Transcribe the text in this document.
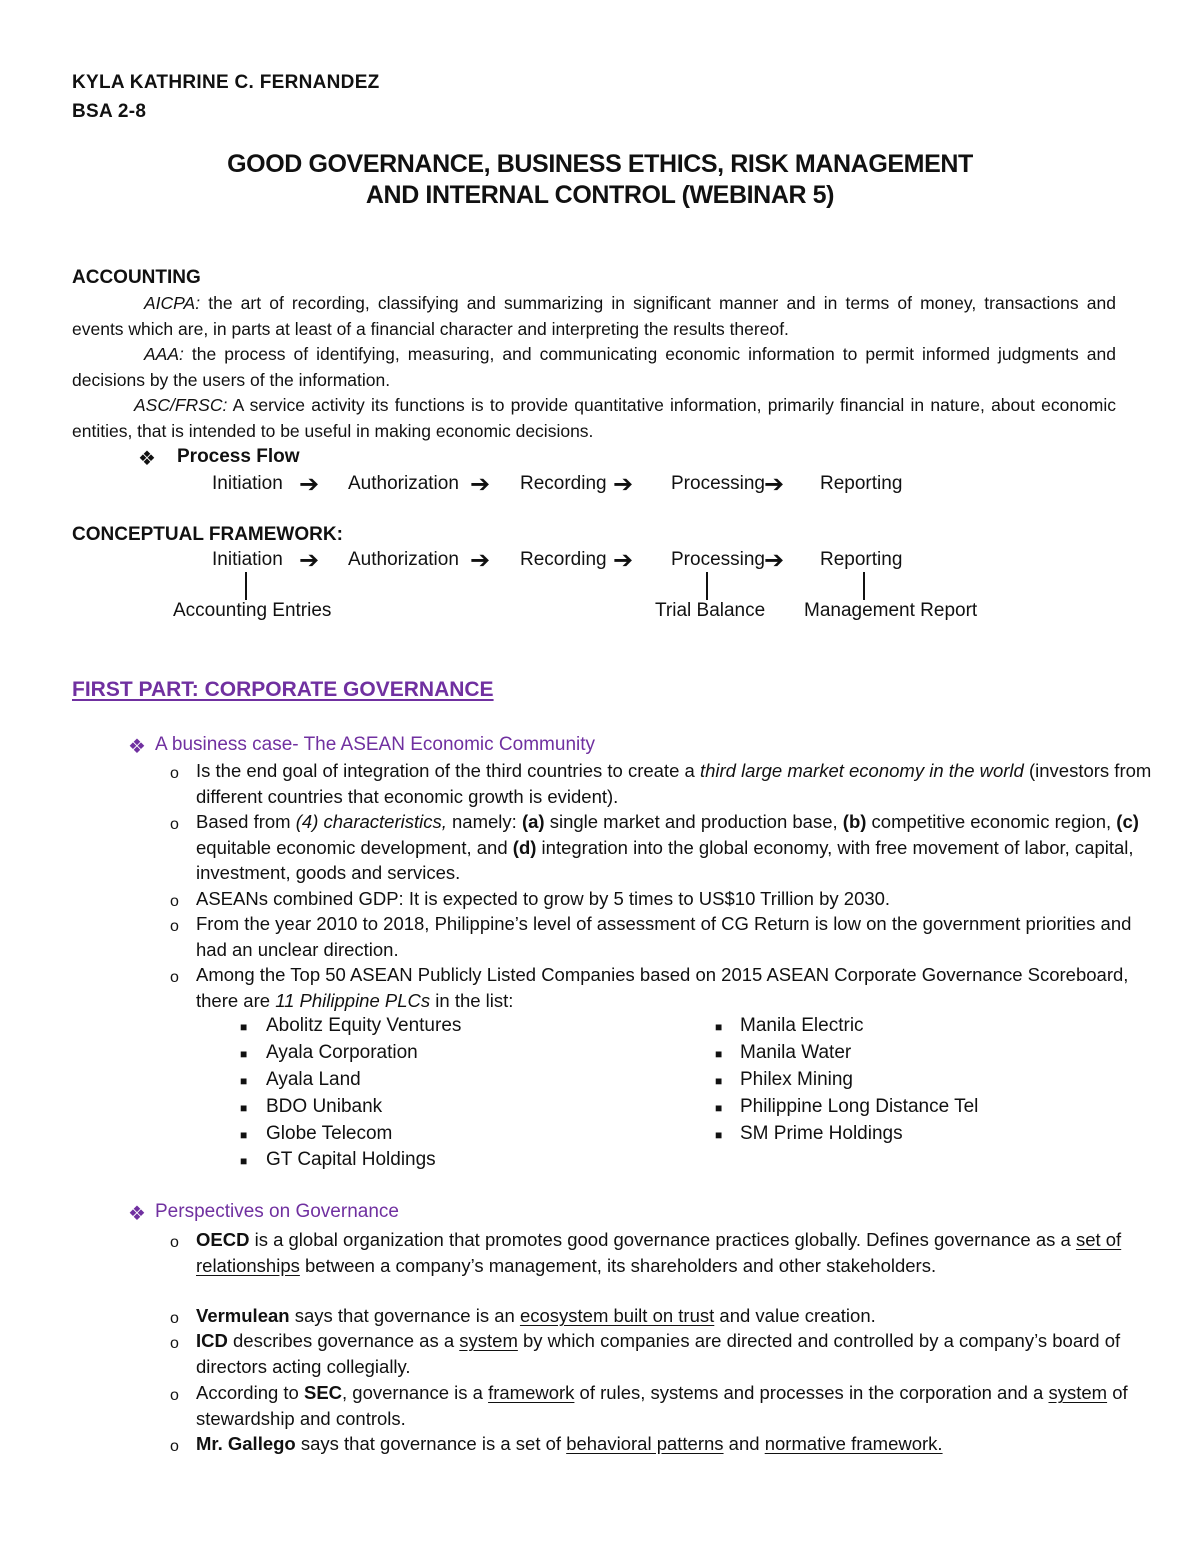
KYLA KATHRINE C. FERNANDEZ
BSA 2-8
GOOD GOVERNANCE, BUSINESS ETHICS, RISK MANAGEMENT
AND INTERNAL CONTROL (WEBINAR 5)
ACCOUNTING
AICPA: the art of recording, classifying and summarizing in significant manner and in terms of money, transactions and events which are, in parts at least of a financial character and interpreting the results thereof.
AAA: the process of identifying, measuring, and communicating economic information to permit informed judgments and decisions by the users of the information.
ASC/FRSC: A service activity its functions is to provide quantitative information, primarily financial in nature, about economic entities, that is intended to be useful in making economic decisions.
❖ Process Flow
Initiation ➔ Authorization ➔ Recording ➔ Processing ➔ Reporting
CONCEPTUAL FRAMEWORK:
Initiation ➔ Authorization ➔ Recording ➔ Processing ➔ Reporting
Accounting Entries	Trial Balance Management Report
FIRST PART: CORPORATE GOVERNANCE
❖ A business case- The ASEAN Economic Community
o Is the end goal of integration of the third countries to create a third large market economy in the world (investors from different countries that economic growth is evident).
o Based from (4) characteristics, namely: (a) single market and production base, (b) competitive economic region, (c) equitable economic development, and (d) integration into the global economy, with free movement of labor, capital, investment, goods and services.
o ASEANs combined GDP: It is expected to grow by 5 times to US$10 Trillion by 2030.
o From the year 2010 to 2018, Philippine’s level of assessment of CG Return is low on the government priorities and had an unclear direction.
o Among the Top 50 ASEAN Publicly Listed Companies based on 2015 ASEAN Corporate Governance Scoreboard, there are 11 Philippine PLCs in the list:
■ Abolitz Equity Ventures
■ Ayala Corporation
■ Ayala Land
■ BDO Unibank
■ Globe Telecom
■ GT Capital Holdings
■ Manila Electric
■ Manila Water
■ Philex Mining
■ Philippine Long Distance Tel
■ SM Prime Holdings
❖ Perspectives on Governance
o OECD is a global organization that promotes good governance practices globally. Defines governance as a set of relationships between a company’s management, its shareholders and other stakeholders.
o Vermulean says that governance is an ecosystem built on trust and value creation.
o ICD describes governance as a system by which companies are directed and controlled by a company’s board of directors acting collegially.
o According to SEC, governance is a framework of rules, systems and processes in the corporation and a system of stewardship and controls.
o Mr. Gallego says that governance is a set of behavioral patterns and normative framework.
